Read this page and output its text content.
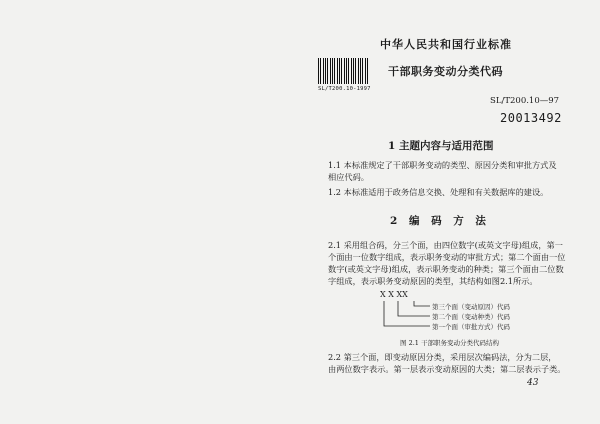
SL/T200.10-1997
中华人民共和国行业标准
干部职务变动分类代码
SL/T200.10—97
20013492
1 主题内容与适用范围
1.1 本标准规定了干部职务变动的类型、原因分类和审批方式及
相应代码。
1.2 本标准适用于政务信息交换、处理和有关数据库的建设。
2 编 码 方 法
2.1 采用组合码，分三个面，由四位数字(或英文字母)组成，第一
个面由一位数字组成，表示职务变动的审批方式；第二个面由一位
数字(或英文字母)组成，表示职务变动的种类；第三个面由二位数
字组成，表示职务变动原因的类型，其结构如图2.1所示。
X X XX
第三个面（变动原因）代码
第二个面（变动种类）代码
第一个面（审批方式）代码
图 2.1 干部职务变动分类代码结构
2.2 第三个面，即变动原因分类，采用层次编码法，分为二层，
由两位数字表示。第一层表示变动原因的大类；第二层表示子类。
43
